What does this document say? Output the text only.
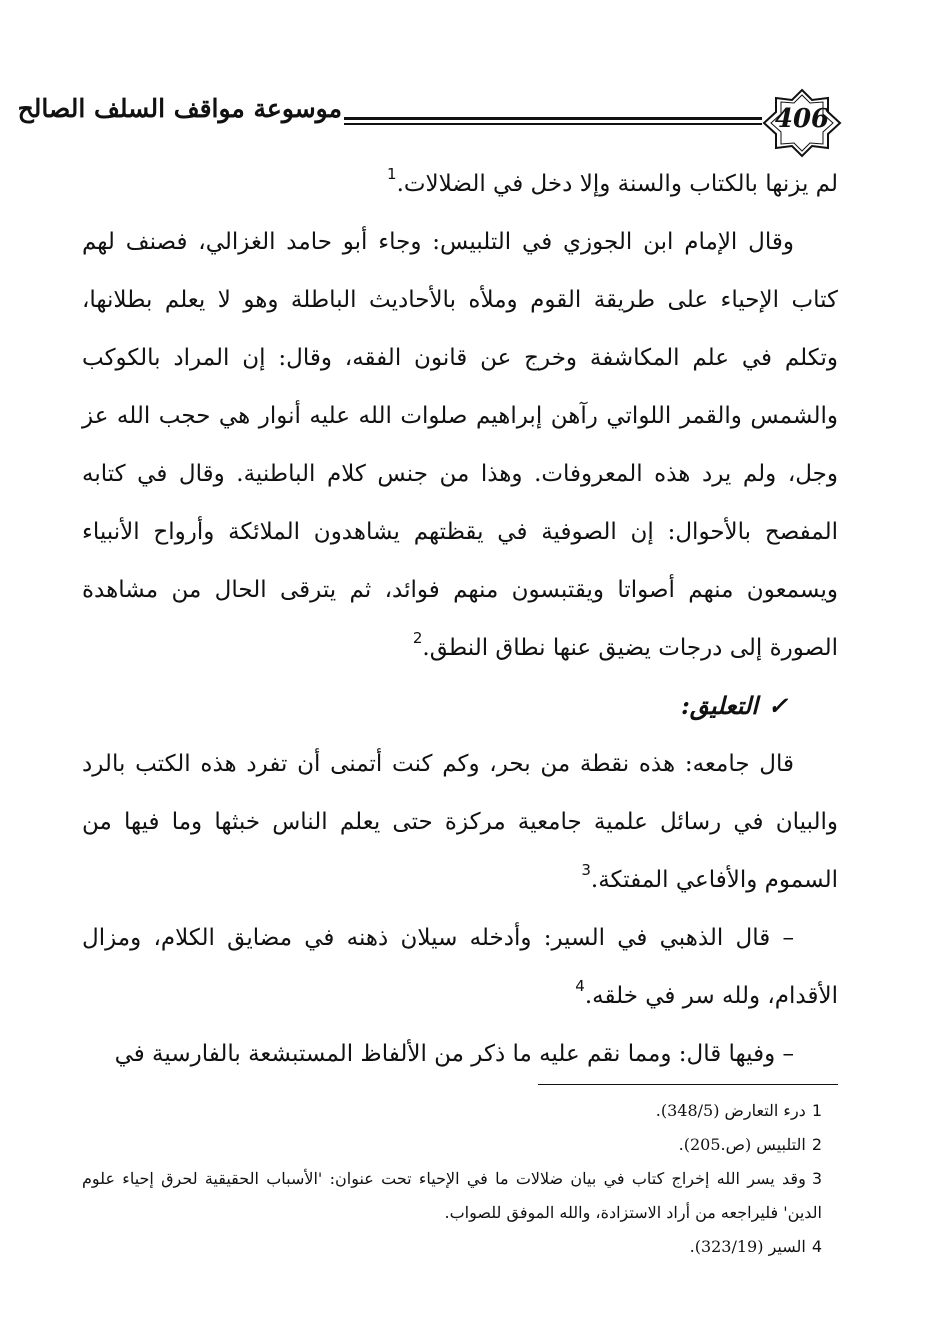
406
موسوعة مواقف السلف الصالح

لم يزنها بالكتاب والسنة وإلا دخل في الضلالات.$^1$

وقال الإمام ابن الجوزي في التلبيس: وجاء أبو حامد الغزالي، فصنف لهم كتاب الإحياء على طريقة القوم وملأه بالأحاديث الباطلة وهو لا يعلم بطلانها، وتكلم في علم المكاشفة وخرج عن قانون الفقه، وقال: إن المراد بالكوكب والشمس والقمر اللواتي رآهن إبراهيم صلوات الله عليه أنوار هي حجب الله عز وجل، ولم يرد هذه المعروفات. وهذا من جنس كلام الباطنية. وقال في كتابه المفصح بالأحوال: إن الصوفية في يقظتهم يشاهدون الملائكة وأرواح الأنبياء ويسمعون منهم أصواتا ويقتبسون منهم فوائد، ثم يترقى الحال من مشاهدة الصورة إلى درجات يضيق عنها نطاق النطق.$^2$

✓التعليق:

قال جامعه: هذه نقطة من بحر، وكم كنت أتمنى أن تفرد هذه الكتب بالرد والبيان في رسائل علمية جامعية مركزة حتى يعلم الناس خبثها وما فيها من السموم والأفاعي المفتكة.$^3$

– قال الذهبي في السير: وأدخله سيلان ذهنه في مضايق الكلام، ومزال الأقدام، ولله سر في خلقه.$^4$

– وفيها قال: ومما نقم عليه ما ذكر من الألفاظ المستبشعة بالفارسية في

1درء التعارض (348/5).

2التلبيس (ص.205).

3وقد يسر الله إخراج كتاب في بيان ضلالات ما في الإحياء تحت عنوان: 'الأسباب الحقيقية لحرق إحياء علوم الدين' فليراجعه من أراد الاستزادة، والله الموفق للصواب.

4السير (323/19).
